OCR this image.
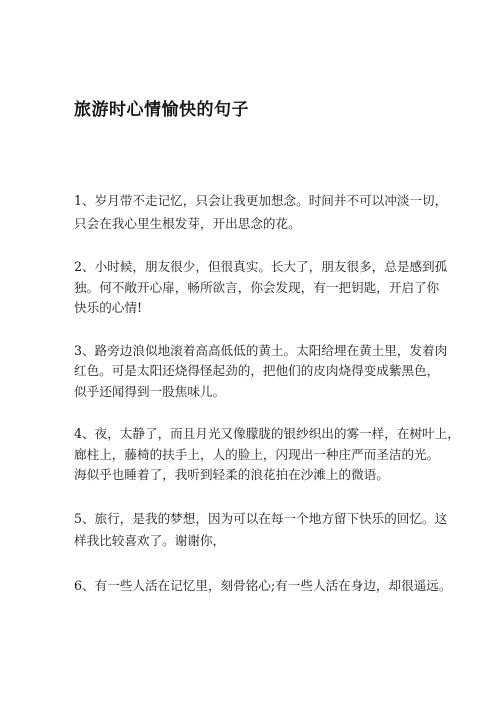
旅游时心情愉快的句子
1、岁月带不走记忆，只会让我更加想念。时间并不可以冲淡一切，
只会在我心里生根发芽，开出思念的花。
2、小时候，朋友很少，但很真实。长大了，朋友很多，总是感到孤
独。何不敞开心扉，畅所欲言，你会发现，有一把钥匙，开启了你
快乐的心情!
3、路旁边浪似地滚着高高低低的黄土。太阳给埋在黄土里，发着肉
红色。可是太阳还烧得怪起劲的，把他们的皮肉烧得变成紫黑色，
似乎还闻得到一股焦味儿。
4、夜，太静了，而且月光又像朦胧的银纱织出的雾一样，在树叶上，
廊柱上，藤椅的扶手上，人的脸上，闪现出一种庄严而圣洁的光。
海似乎也睡着了，我听到轻柔的浪花拍在沙滩上的微语。
5、旅行，是我的梦想，因为可以在每一个地方留下快乐的回忆。这
样我比较喜欢了。谢谢你，
6、有一些人活在记忆里，刻骨铭心;有一些人活在身边，却很遥远。
